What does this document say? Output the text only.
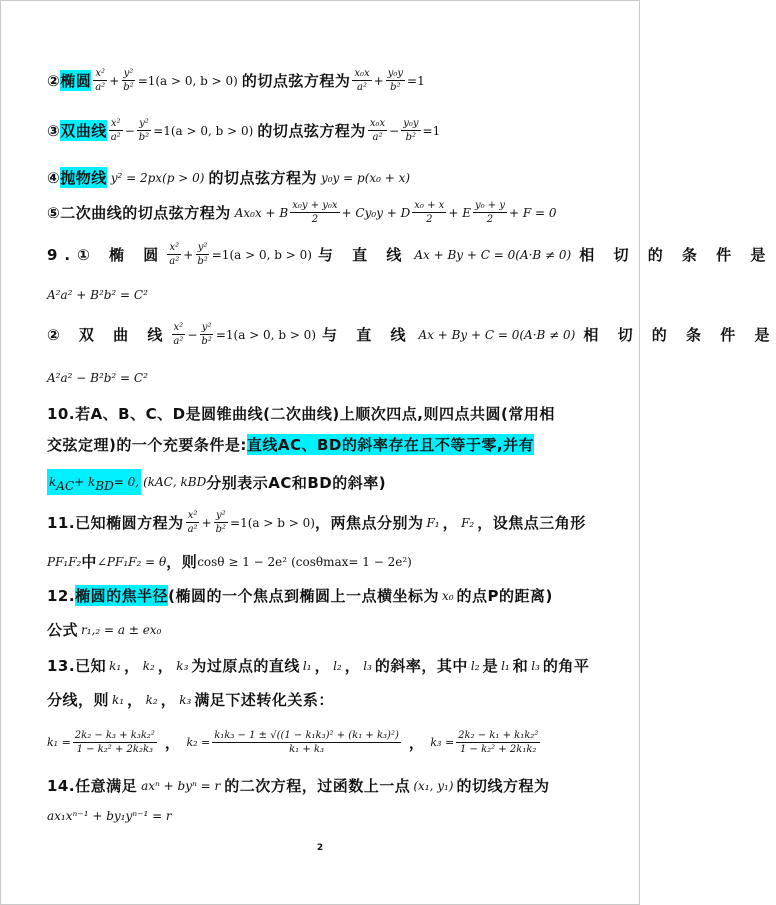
② 椭圆 $\frac{\text{x²}}{\text{a²}} + \frac{\text{y²}}{\text{b²}} =1(a > 0$, b > 0) 的切点弦方程为 $\frac{\text{x₀x}}{\text{a²}} + \frac{\text{y₀y}}{\text{b²}} =1$
③ 双曲线 $\frac{\text{x²}}{\text{a²}} - \frac{\text{y²}}{\text{b²}} =1(a > 0$, b > 0) 的切点弦方程为 $\frac{\text{x₀x}}{\text{a²}} - \frac{\text{y₀y}}{\text{b²}} =1$
④ 抛物线 y² = 2px(p > 0) 的切点弦方程为 y₀y = p(x₀ + x)
⑤二次曲线的切点弦方程为 Ax₀x + B $\frac{\text{x₀y + y₀x}}{2} + Cy_0y + D \frac{\text{x₀ + x}}{2} + E \frac{\text{y₀ + y}}{2} + F = 0$
9.① 椭 圆 $\frac{\text{x²}}{\text{a²}} + \frac{\text{y²}}{\text{b²}} =1(a > 0$, b > 0) 与 直 线 Ax + By + C = 0(A·B ≠ 0) 相 切 的 条 件 是
A²a² + B²b² = C²
② 双 曲 线 $\frac{\text{x²}}{\text{a²}} - \frac{\text{y²}}{\text{b²}} =1(a > 0$, b > 0) 与 直 线 Ax + By + C = 0(A·B ≠ 0) 相 切 的 条 件 是
A²a² − B²b² = C²
10.若A、B、C、D是圆锥曲线(二次曲线)上顺次四点,则四点共圆(常用相
交弦定理)的一个充要条件是: 直线AC、BD的斜率存在且不等于零,并有
$k_{AC}+ k_{BD}= 0$, (k AC , k BD 分别表示AC和BD的斜率)
11.已知椭圆方程为 $\frac{\text{x²}}{\text{a²}} + \frac{\text{y²}}{\text{b²}} =1(a > b > 0)$ ，两焦点分别为 F₁ ， F₂ ，设焦点三角形
PF₁F₂ 中 ∠PF₁F₂ = θ ，则 cosθ ≥ 1 − 2e² (cosθ max = 1 − 2e²)
12. 椭圆的焦半径 (椭圆的一个焦点到椭圆上一点横坐标为 x₀ 的点P的距离)
公式 r₁,₂ = a ± ex₀
13.已知 k₁ ， k₂ ， k₃ 为过原点的直线 l₁ ， l₂ ， l₃ 的斜率，其中 l₂ 是 l₁ 和 l₃ 的角平
分线，则 k₁ ， k₂ ， k₃ 满足下述转化关系：
$k_1 = \frac{\text{2k₂ − k₃ + k₃k₂²}}{\text{1 − k₂² + 2k₂k₃}}$ ， $k_2 = \frac{\text{k₁k₃ − 1 ± √((1 − k₁k₃)² + (k₁ + k₃)²)}}{\text{k₁ + k₃}}$ ， $k_3 = \frac{\text{2k₂ − k₁ + k₁k₂²}}{\text{1 − k₂² + 2k₁k₂}}$
14.任意满足 axⁿ + byⁿ = r 的二次方程，过函数上一点 (x₁, y₁) 的切线方程为
ax₁xⁿ⁻¹ + by₁yⁿ⁻¹ = r
2
